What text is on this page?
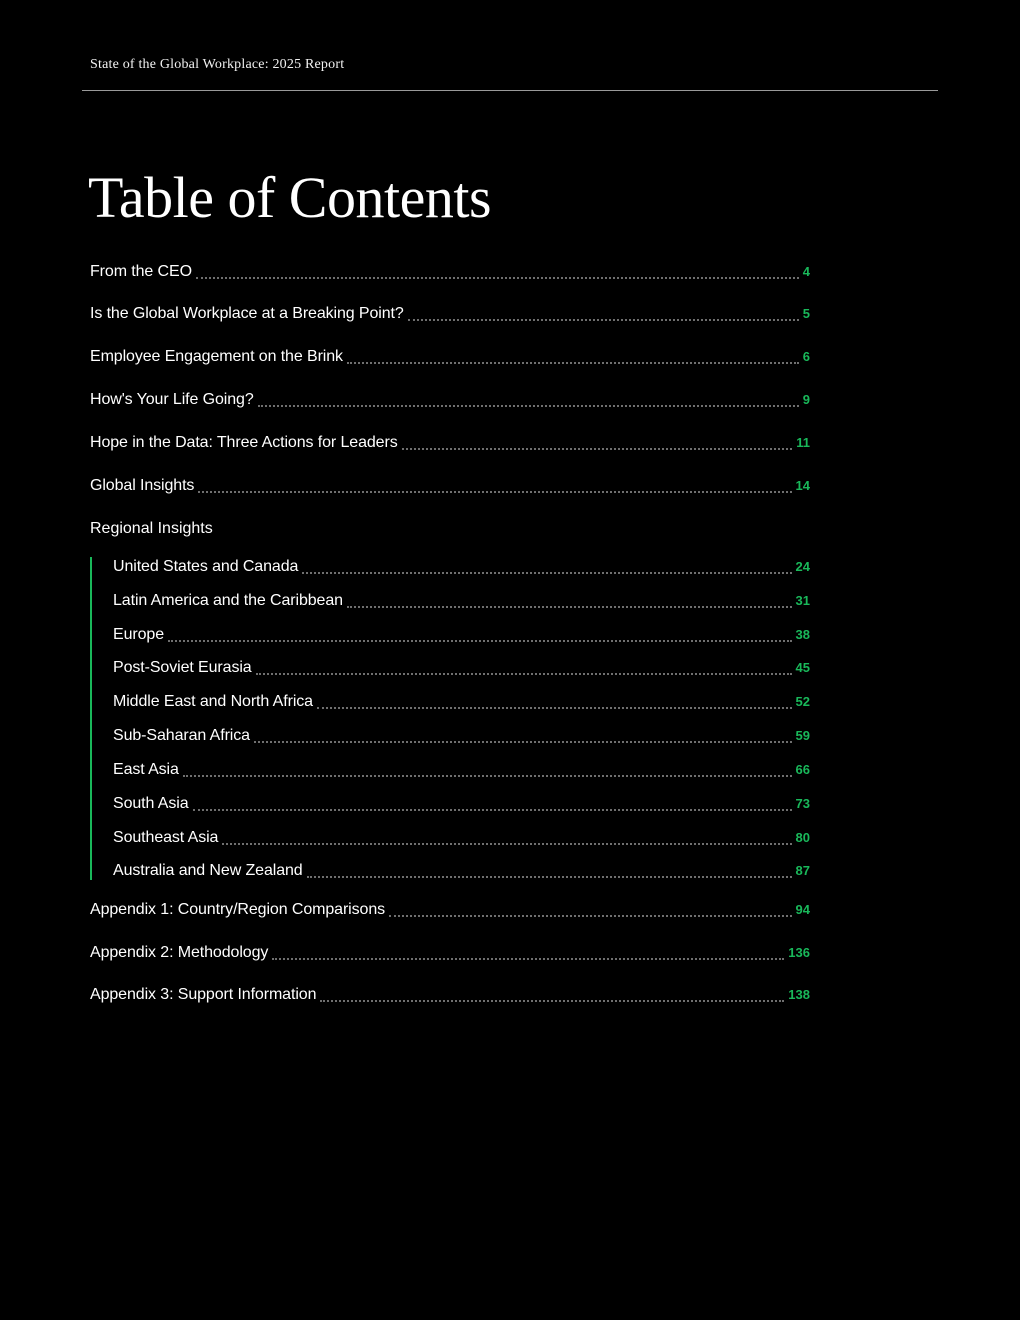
State of the Global Workplace: 2025 Report
Table of Contents
From the CEO	4
Is the Global Workplace at a Breaking Point?	5
Employee Engagement on the Brink	6
How's Your Life Going?	9
Hope in the Data: Three Actions for Leaders	11
Global Insights	14
Regional Insights
United States and Canada	24
Latin America and the Caribbean	31
Europe	38
Post-Soviet Eurasia	45
Middle East and North Africa	52
Sub-Saharan Africa	59
East Asia	66
South Asia	73
Southeast Asia	80
Australia and New Zealand	87
Appendix 1: Country/Region Comparisons	94
Appendix 2: Methodology	136
Appendix 3: Support Information	138
